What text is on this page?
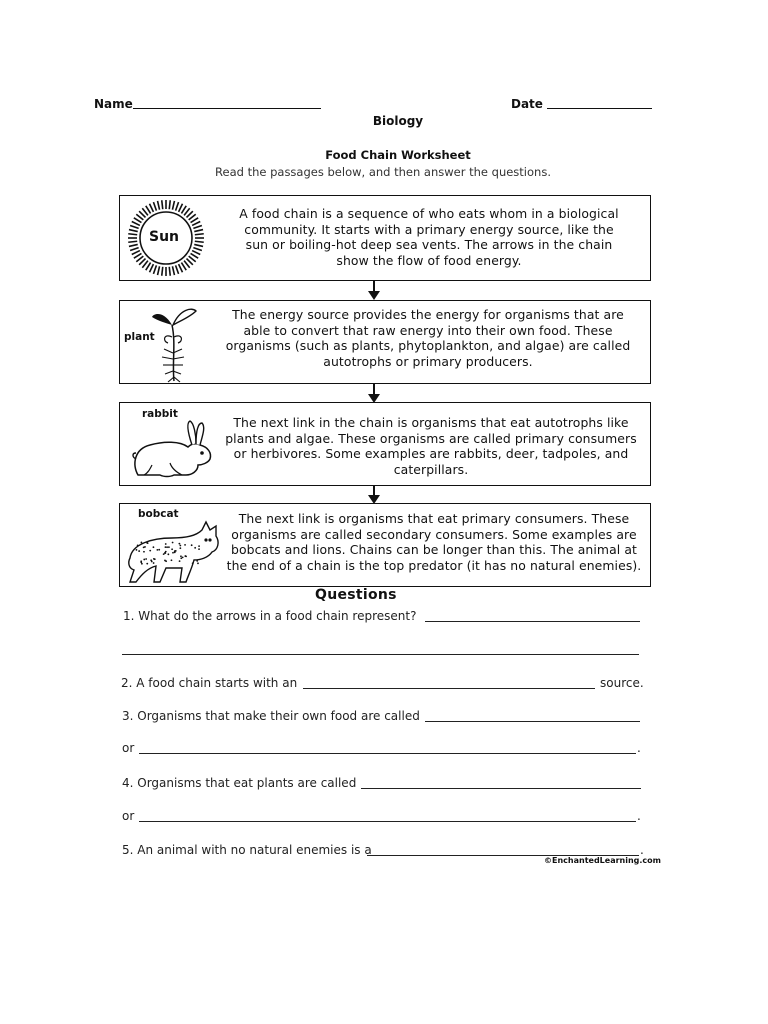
Name	Date
Biology
Food Chain Worksheet
Read the passages below, and then answer the questions.
Sun
A food chain is a sequence of who eats whom in a biological
community. It starts with a primary energy source, like the
sun or boiling-hot deep sea vents. The arrows in the chain
show the flow of food energy.
plant
The energy source provides the energy for organisms that are
able to convert that raw energy into their own food. These
organisms (such as plants, phytoplankton, and algae) are called
autotrophs or primary producers.
rabbit
The next link in the chain is organisms that eat autotrophs like
plants and algae. These organisms are called primary consumers
or herbivores. Some examples are rabbits, deer, tadpoles, and
caterpillars.
bobcat	The next link is organisms that eat primary consumers. These
organisms are called secondary consumers. Some examples are
bobcats and lions. Chains can be longer than this. The animal at
the end of a chain is the top predator (it has no natural enemies).
Questions
1. What do the arrows in a food chain represent?
2. A food chain starts with an	source.
3. Organisms that make their own food are called
or	.
4. Organisms that eat plants are called
or	.
5. An animal with no natural enemies is a	.
©EnchantedLearning.com
